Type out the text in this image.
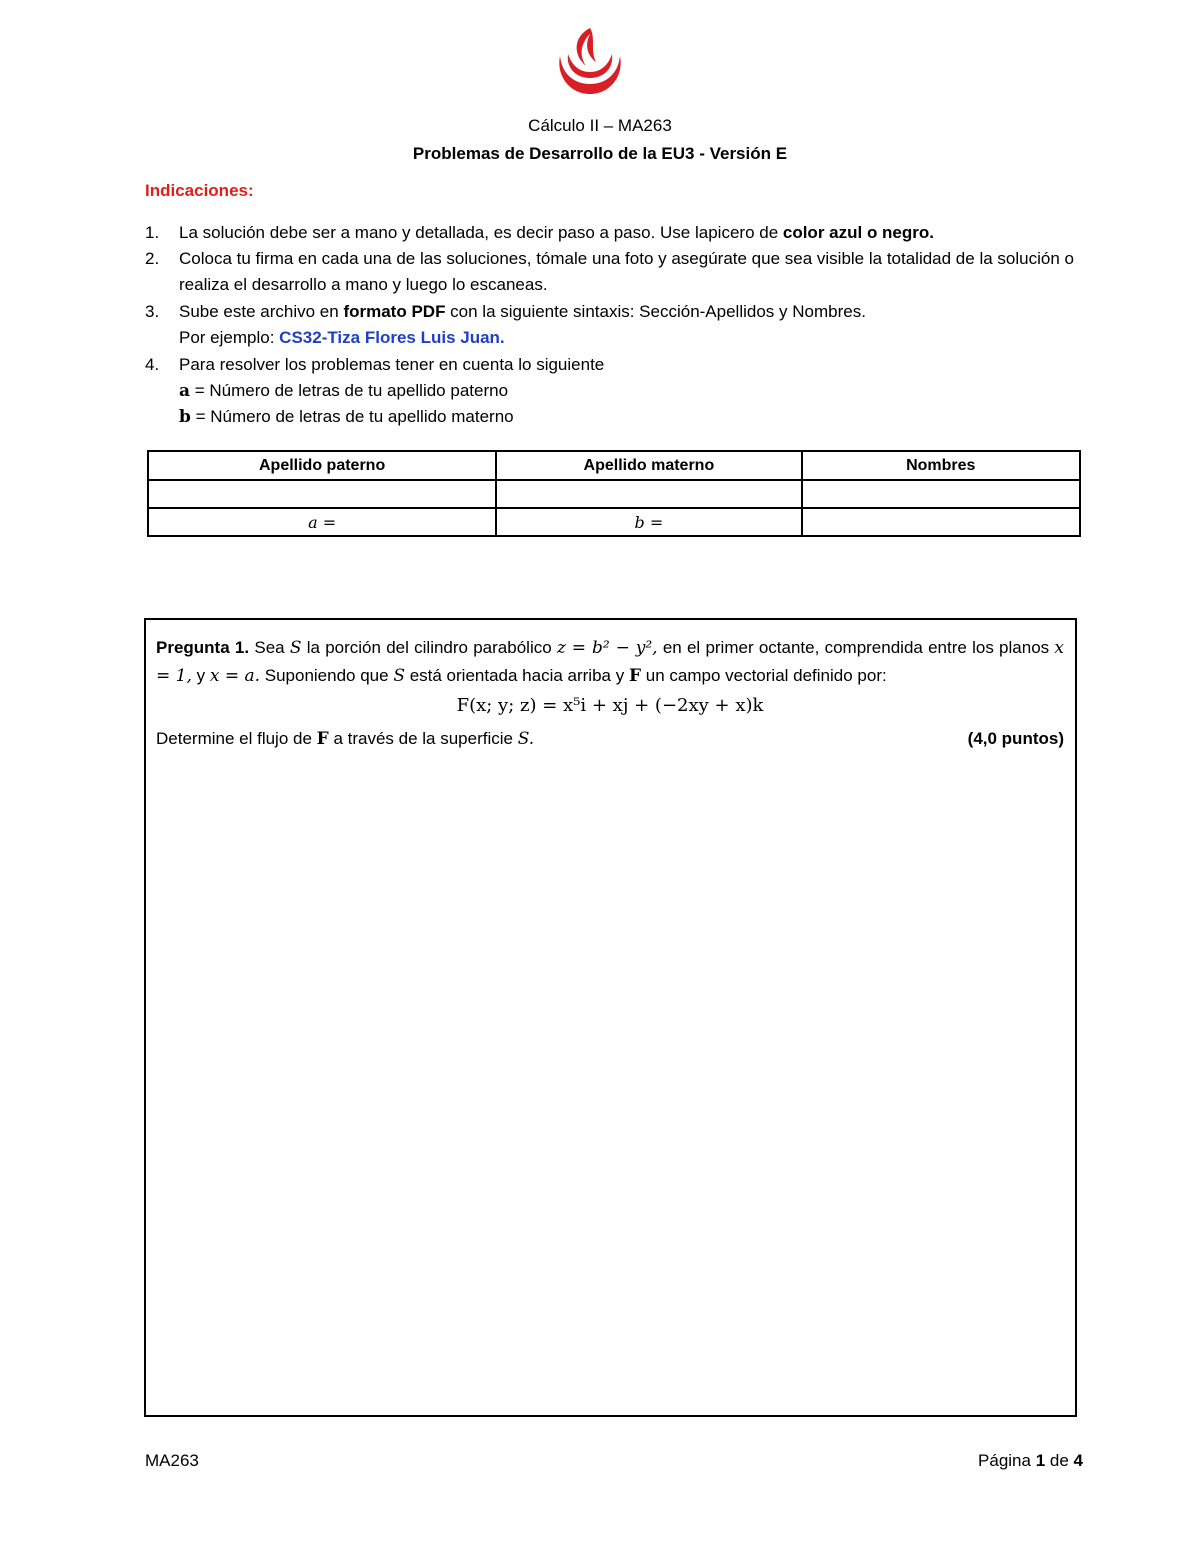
Cálculo II – MA263
Problemas de Desarrollo de la EU3 - Versión E
Indicaciones:
1. La solución debe ser a mano y detallada, es decir paso a paso. Use lapicero de color azul o negro.
2. Coloca tu firma en cada una de las soluciones, tómale una foto y asegúrate que sea visible la totalidad de la solución o realiza el desarrollo a mano y luego lo escaneas.
3. Sube este archivo en formato PDF con la siguiente sintaxis: Sección-Apellidos y Nombres.
Por ejemplo: CS32-Tiza Flores Luis Juan.
4. Para resolver los problemas tener en cuenta lo siguiente
a = Número de letras de tu apellido paterno
b = Número de letras de tu apellido materno
Apellido paterno	Apellido materno	Nombres

a =	b =	
Pregunta 1. Sea S la porción del cilindro parabólico z = b² − y², en el primer octante, comprendida entre los planos x = 1, y x = a. Suponiendo que S está orientada hacia arriba y F un campo vectorial definido por:
F(x; y; z) = x⁵i + xj + (−2xy + x)k
Determine el flujo de F a través de la superficie S.	(4,0 puntos)
MA263	Página 1 de 4
